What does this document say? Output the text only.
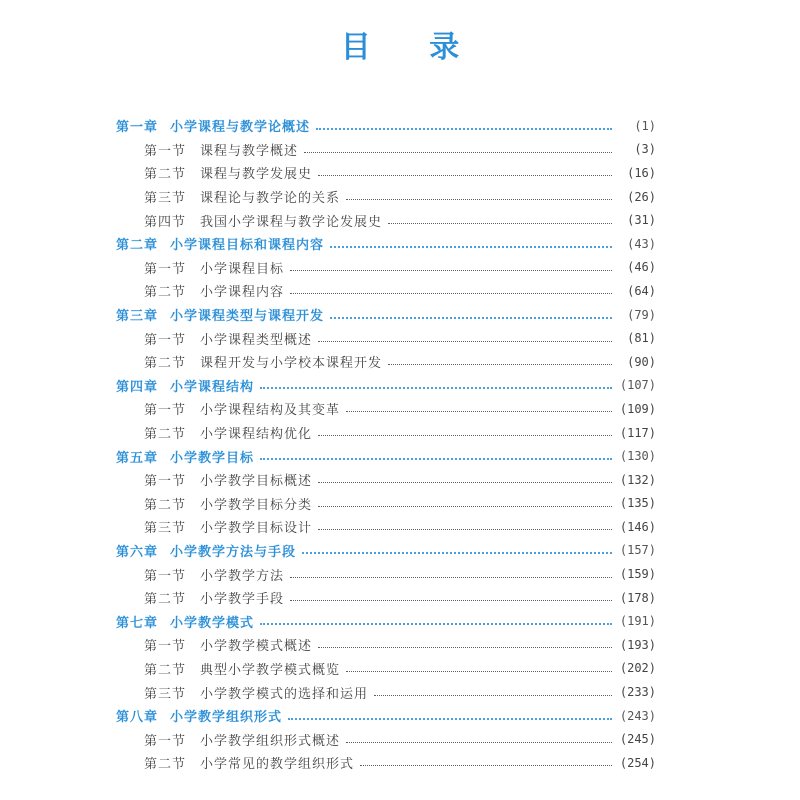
目 录
第一章 小学课程与教学论概述	(1)
第一节	课程与教学概述	(3)
第二节	课程与教学发展史	(16)
第三节	课程论与教学论的关系	(26)
第四节	我国小学课程与教学论发展史	(31)
第二章 小学课程目标和课程内容	(43)
第一节	小学课程目标	(46)
第二节	小学课程内容	(64)
第三章 小学课程类型与课程开发	(79)
第一节	小学课程类型概述	(81)
第二节	课程开发与小学校本课程开发	(90)
第四章 小学课程结构	(107)
第一节	小学课程结构及其变革	(109)
第二节	小学课程结构优化	(117)
第五章 小学教学目标	(130)
第一节	小学教学目标概述	(132)
第二节	小学教学目标分类	(135)
第三节	小学教学目标设计	(146)
第六章 小学教学方法与手段	(157)
第一节	小学教学方法	(159)
第二节	小学教学手段	(178)
第七章 小学教学模式	(191)
第一节	小学教学模式概述	(193)
第二节	典型小学教学模式概览	(202)
第三节	小学教学模式的选择和运用	(233)
第八章 小学教学组织形式	(243)
第一节	小学教学组织形式概述	(245)
第二节	小学常见的教学组织形式	(254)
